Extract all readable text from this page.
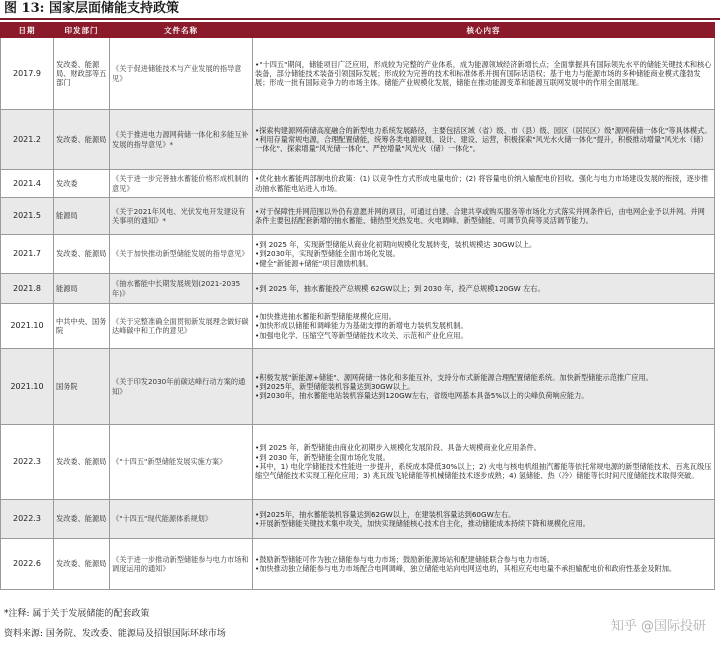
图 13: 国家层面储能支持政策
日期	印发部门	文件名称	核心内容
2017.9	发改委、能源局、财政部等五部门	《关于促进储能技术与产业发展的指导意见》	•"十四五"期间，储能项目广泛应用，形成较为完整的产业体系，成为能源领域经济新增长点；全面掌握具有国际领先水平的储能关键技术和核心装备，部分储能技术装备引领国际发展；形成较为完善的技术和标准体系并拥有国际话语权；基于电力与能源市场的多种储能商业模式蓬勃发展；形成一批有国际竞争力的市场主体。储能产业规模化发展，储能在推动能源变革和能源互联网发展中的作用全面展现。

2021.2	发改委、能源局	《关于推进电力源网荷储一体化和多能互补发展的指导意见》*	•探索构建源网荷储高度融合的新型电力系统发展路径，主要包括区域（省）级、市（县）级、园区（居民区）级"源网荷储一体化"等具体模式。
•利用存量常规电源，合理配置储能，统筹各类电源规划、设计、建设、运营，积极探索"风光水火储一体化"提升，积极推动增量"风光水（储）一体化"、探索增量"风光储一体化"、严控增量"风光火（储）一体化"。

2021.4	发改委	《关于进一步完善抽水蓄能价格形成机制的意见》	•优化抽水蓄能两部制电价政策：(1) 以竞争性方式形成电量电价；(2) 将容量电价纳入输配电价回收。强化与电力市场建设发展的衔接，逐步推动抽水蓄能电站进入市场。

2021.5	能源局	《关于2021年风电、光伏发电开发建设有关事项的通知》*	•对于保障性并网范围以外仍有意愿并网的项目，可通过自建、合建共享或购买服务等市场化方式落实并网条件后，由电网企业予以并网。并网条件主要包括配套新增的抽水蓄能、储热型光热发电、火电调峰、新型储能、可调节负荷等灵活调节能力。

2021.7	发改委、能源局	《关于加快推动新型储能发展的指导意见》	•到 2025 年，实现新型储能从商业化初期向规模化发展转变，装机规模达 30GW以上。
•到2030年，实现新型储能全面市场化发展。
•健全"新能源+储能"项目激励机制。

2021.8	能源局	《抽水蓄能中长期发展规划(2021-2035 年)》	•到 2025 年，抽水蓄能投产总规模 62GW以上；到 2030 年，投产总规模120GW 左右。

2021.10	中共中央、国务院	《关于完整准确全面贯彻新发展理念做好碳达峰碳中和工作的意见》	•加快推进抽水蓄能和新型储能规模化应用。
•加快形成以储能和调峰能力为基础支撑的新增电力装机发展机制。
•加强电化学、压缩空气等新型储能技术攻关、示范和产业化应用。

2021.10	国务院	《关于印发2030年前碳达峰行动方案的通知》	•积极发展"新能源+储能"、源网荷储一体化和多能互补，支持分布式新能源合理配置储能系统。加快新型储能示范推广应用。
•到2025年，新型储能装机容量达到30GW以上。
•到2030年，抽水蓄能电站装机容量达到120GW左右，省级电网基本具备5%以上的尖峰负荷响应能力。

2022.3	发改委、能源局	《"十四五"新型储能发展实施方案》	•到 2025 年，新型储能由商业化初期步入规模化发展阶段、具备大规模商业化应用条件。
•到 2030 年，新型储能全面市场化发展。
•其中，1) 电化学储能技术性能进一步提升，系统成本降低30%以上；2) 火电与核电机组抽汽蓄能等依托常规电源的新型储能技术、百兆瓦级压缩空气储能技术实现工程化应用；3) 兆瓦级飞轮储能等机械储能技术逐步成熟；4) 氢储能、热（冷）储能等长时间尺度储能技术取得突破。

2022.3	发改委、能源局	《"十四五"现代能源体系规划》	•到2025年，抽水蓄能装机容量达到62GW以上，在建装机容量达到60GW左右。
•开展新型储能关键技术集中攻关，加快实现储能核心技术自主化，推动储能成本持续下降和规模化应用。

2022.6	发改委、能源局	《关于进一步推动新型储能参与电力市场和调度运用的通知》	•鼓励新型储能可作为独立储能参与电力市场；鼓励新能源场站和配建储能联合参与电力市场。
•加快推动独立储能参与电力市场配合电网调峰，独立储能电站向电网送电的，其相应充电电量不承担输配电价和政府性基金及附加。
*注释: 属于关于发展储能的配套政策
资料来源: 国务院、发改委、能源局及招银国际环球市场	知乎 @国际投研
